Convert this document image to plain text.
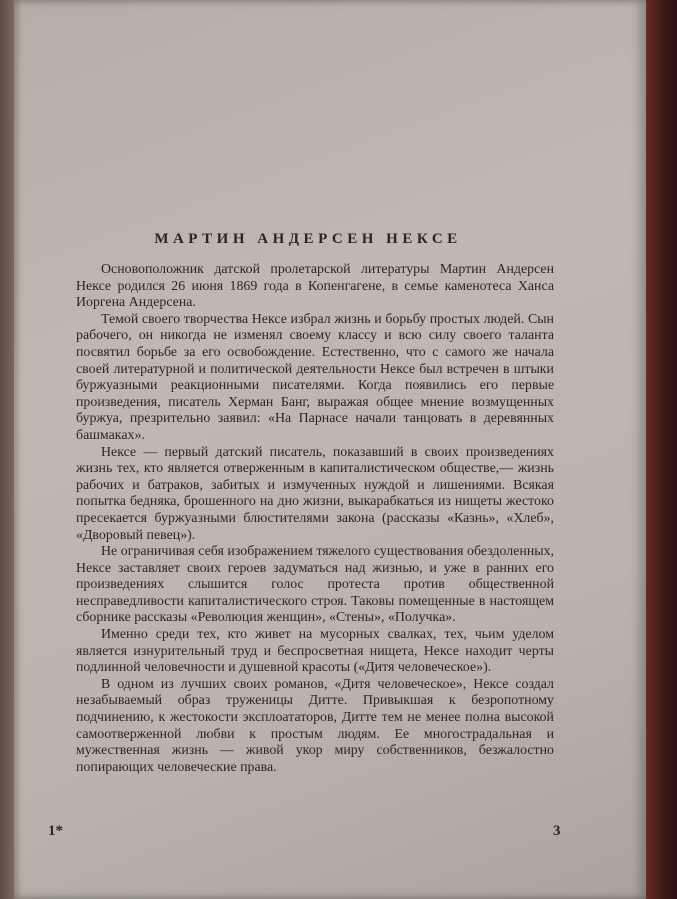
МАРТИН АНДЕРСЕН НЕКСЕ

Основоположник датской пролетарской литературы Мартин Андерсен Нексе родился 26 июня 1869 года в Копенгагене, в семье каменотеса Ханса Иоргена Андерсена.

Темой своего творчества Нексе избрал жизнь и борьбу простых людей. Сын рабочего, он никогда не изменял своему классу и всю силу своего таланта посвятил борьбе за его освобождение. Естественно, что с самого же начала своей литературной и политической деятельности Нексе был встречен в штыки буржуазными реакционными писателями. Когда появились его первые произведения, писатель Херман Банг, выражая общее мнение возмущенных буржуа, презрительно заявил: «На Парнасе начали танцовать в деревянных башмаках».

Нексе — первый датский писатель, показавший в своих произведениях жизнь тех, кто является отверженным в капиталистическом обществе,— жизнь рабочих и батраков, забитых и измученных нуждой и лишениями. Всякая попытка бедняка, брошенного на дно жизни, выкарабкаться из нищеты жестоко пресекается буржуазными блюстителями закона (рассказы «Казнь», «Хлеб», «Дворовый певец»).

Не ограничивая себя изображением тяжелого существования обездоленных, Нексе заставляет своих героев задуматься над жизнью, и уже в ранних его произведениях слышится голос протеста против общественной несправедливости капиталистического строя. Таковы помещенные в настоящем сборнике рассказы «Революция женщин», «Стены», «Получка».

Именно среди тех, кто живет на мусорных свалках, тех, чьим уделом является изнурительный труд и беспросветная нищета, Нексе находит черты подлинной человечности и душевной красоты («Дитя человеческое»).

В одном из лучших своих романов, «Дитя человеческое», Нексе создал незабываемый образ труженицы Дитте. Привыкшая к безропотному подчинению, к жестокости эксплоататоров, Дитте тем не менее полна высокой самоотверженной любви к простым людям. Ее многострадальная и мужественная жизнь — живой укор миру собственников, безжалостно попирающих человеческие права.

1*	3
